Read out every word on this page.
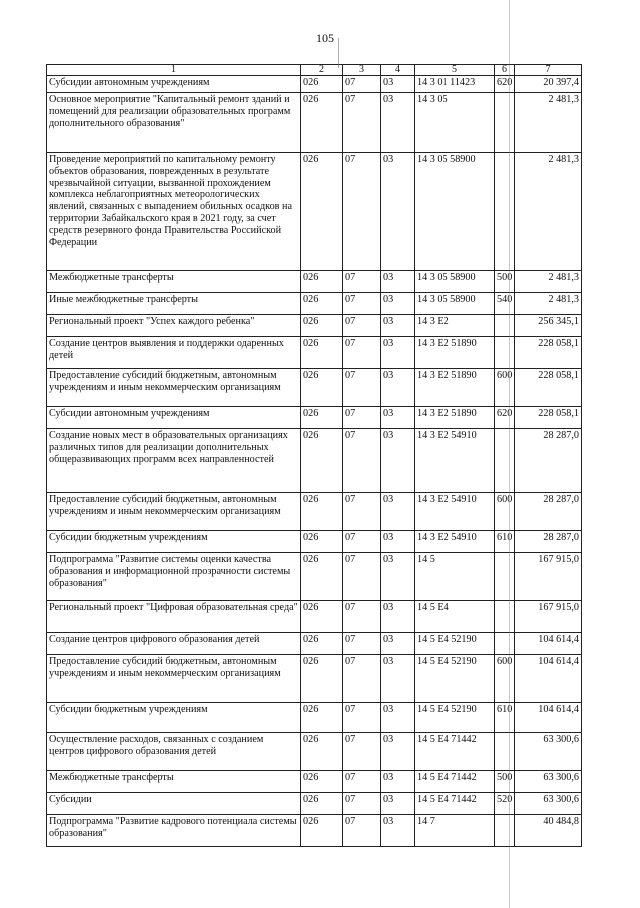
105
1	2	3	4	5	6	7
Субсидии автономным учреждениям	026	07	03	14 3 01 11423	620	20 397,4
Основное мероприятие "Капитальный ремонт зданий и помещений для реализации образовательных программ дополнительного образования"	026	07	03	14 3 05		2 481,3
Проведение мероприятий по капитальному ремонту объектов образования, поврежденных в результате чрезвычайной ситуации, вызванной прохождением комплекса неблагоприятных метеорологических явлений, связанных с выпадением обильных осадков на территории Забайкальского края в 2021 году, за счет средств резервного фонда Правительства Российской Федерации	026	07	03	14 3 05 58900		2 481,3
Межбюджетные трансферты	026	07	03	14 3 05 58900	500	2 481,3
Иные межбюджетные трансферты	026	07	03	14 3 05 58900	540	2 481,3
Региональный проект "Успех каждого ребенка"	026	07	03	14 3 E2		256 345,1
Создание центров выявления и поддержки одаренных детей	026	07	03	14 3 E2 51890		228 058,1
Предоставление субсидий бюджетным, автономным учреждениям и иным некоммерческим организациям	026	07	03	14 3 E2 51890	600	228 058,1
Субсидии автономным учреждениям	026	07	03	14 3 E2 51890	620	228 058,1
Создание новых мест в образовательных организациях различных типов для реализации дополнительных общеразвивающих программ всех направленностей	026	07	03	14 3 E2 54910		28 287,0
Предоставление субсидий бюджетным, автономным учреждениям и иным некоммерческим организациям	026	07	03	14 3 E2 54910	600	28 287,0
Субсидии бюджетным учреждениям	026	07	03	14 3 E2 54910	610	28 287,0
Подпрограмма "Развитие системы оценки качества образования и информационной прозрачности системы образования"	026	07	03	14 5		167 915,0
Региональный проект "Цифровая образовательная среда"	026	07	03	14 5 E4		167 915,0
Создание центров цифрового образования детей	026	07	03	14 5 E4 52190		104 614,4
Предоставление субсидий бюджетным, автономным учреждениям и иным некоммерческим организациям	026	07	03	14 5 E4 52190	600	104 614,4
Субсидии бюджетным учреждениям	026	07	03	14 5 E4 52190	610	104 614,4
Осуществление расходов, связанных с созданием центров цифрового образования детей	026	07	03	14 5 E4 71442		63 300,6
Межбюджетные трансферты	026	07	03	14 5 E4 71442	500	63 300,6
Субсидии	026	07	03	14 5 E4 71442	520	63 300,6
Подпрограмма "Развитие кадрового потенциала системы образования"	026	07	03	14 7		40 484,8
